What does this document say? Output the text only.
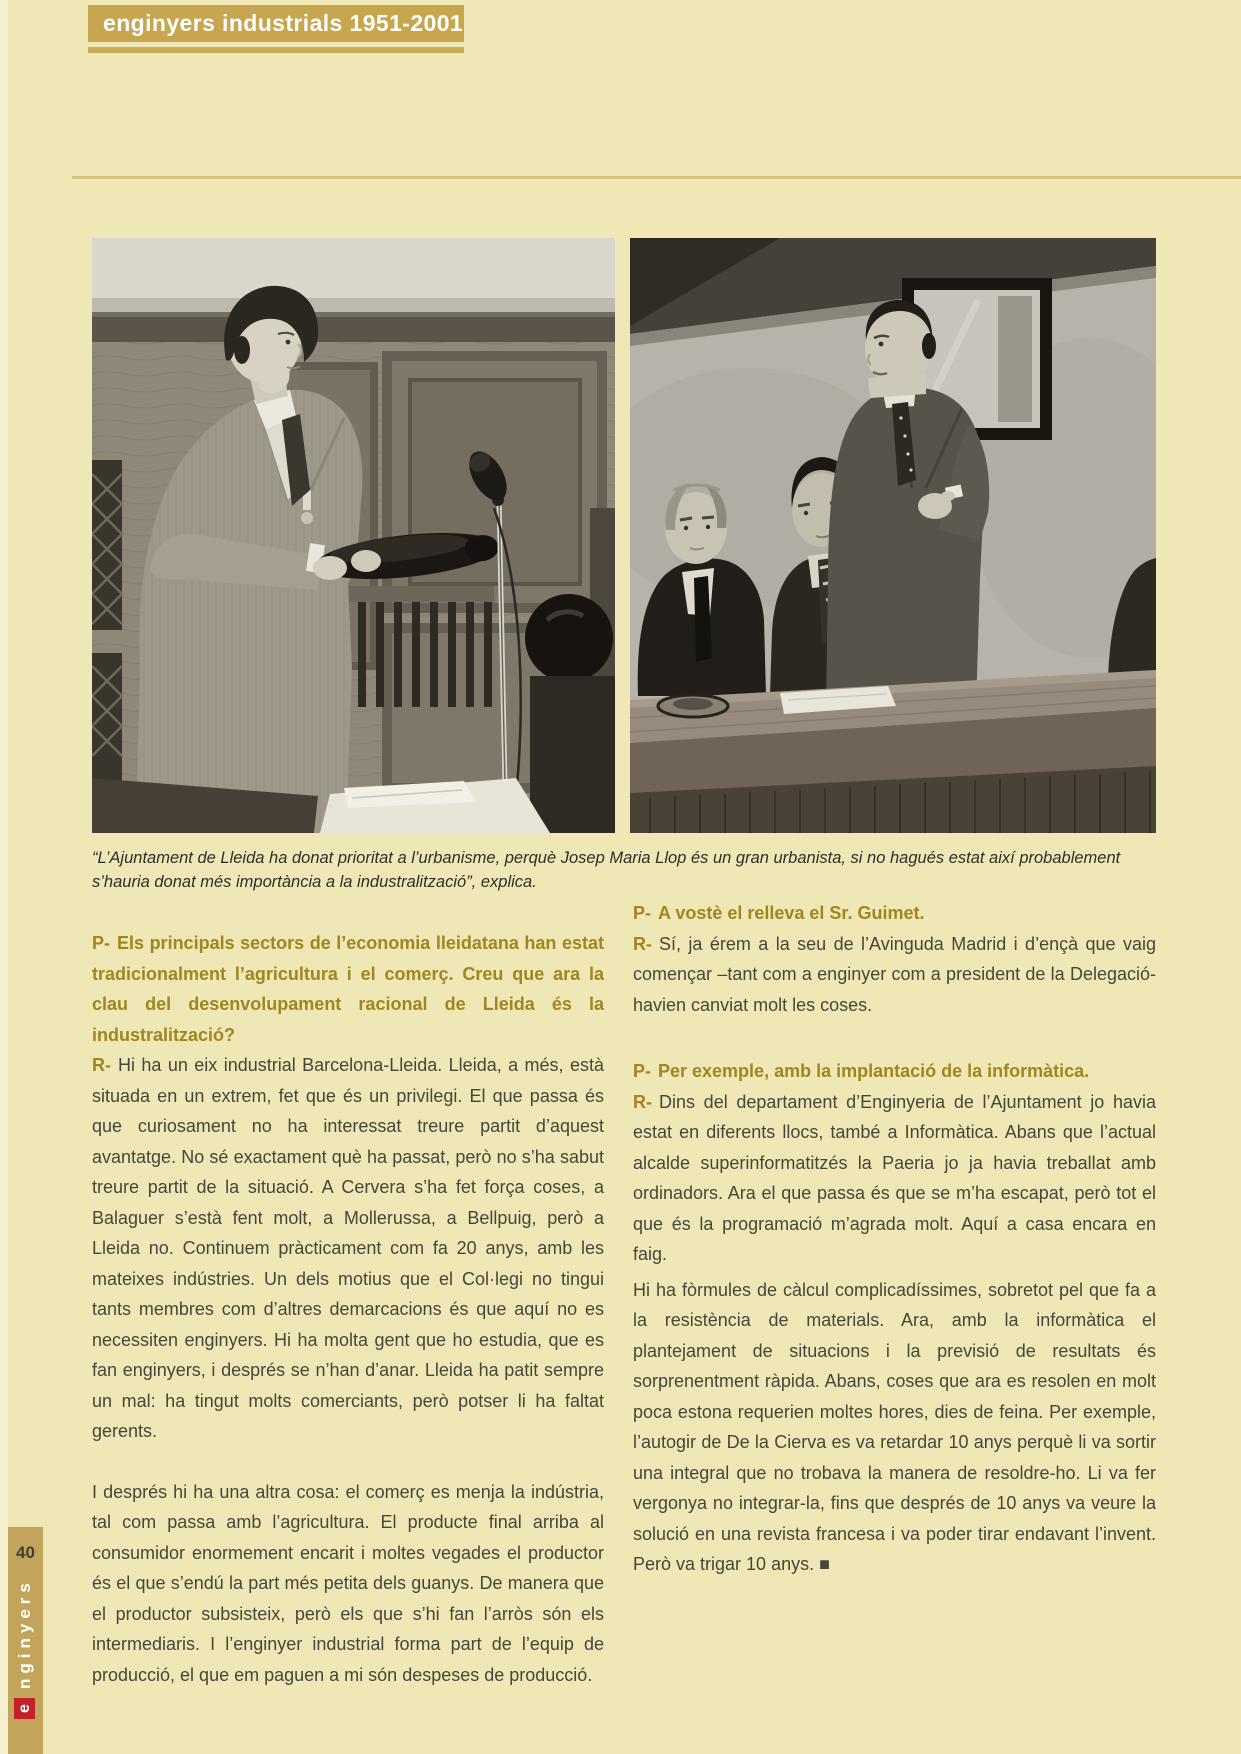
enginyers industrials 1951-2001

“L’Ajuntament de Lleida ha donat prioritat a l’urbanisme, perquè Josep Maria Llop és un gran urbanista, si no hagués estat així probablement s’hauria donat més importància a la industralització”, explica.

P- Els principals sectors de l’economia lleidatana han estat tradicionalment l’agricultura i el comerç. Creu que ara la clau del desenvolupament racional de Lleida és la industralització?

R- Hi ha un eix industrial Barcelona-Lleida. Lleida, a més, està situada en un extrem, fet que és un privilegi. El que passa és que curiosament no ha interessat treure partit d’aquest avantatge. No sé exactament què ha passat, però no s’ha sabut treure partit de la situació. A Cervera s’ha fet força coses, a Balaguer s’està fent molt, a Mollerussa, a Bellpuig, però a Lleida no. Continuem pràcticament com fa 20 anys, amb les mateixes indústries. Un dels motius que el Col·legi no tingui tants membres com d’altres demarcacions és que aquí no es necessiten enginyers. Hi ha molta gent que ho estudia, que es fan enginyers, i després se n’han d’anar. Lleida ha patit sempre un mal: ha tingut molts comerciants, però potser li ha faltat gerents.

I després hi ha una altra cosa: el comerç es menja la indústria, tal com passa amb l’agricultura. El producte final arriba al consumidor enormement encarit i moltes vegades el productor és el que s’endú la part més petita dels guanys. De manera que el productor subsisteix, però els que s’hi fan l’arròs són els intermediaris. I l’enginyer industrial forma part de l’equip de producció, el que em paguen a mi són despeses de producció.

P- A vostè el relleva el Sr. Guimet.

R- Sí, ja érem a la seu de l’Avinguda Madrid i d’ençà que vaig començar –tant com a enginyer com a president de la Delegació- havien canviat molt les coses.

P- Per exemple, amb la implantació de la informàtica.

R- Dins del departament d’Enginyeria de l’Ajuntament jo havia estat en diferents llocs, també a Informàtica. Abans que l’actual alcalde superinformatitzés la Paeria jo ja havia treballat amb ordinadors. Ara el que passa és que se m’ha escapat, però tot el que és la programació m’agrada molt. Aquí a casa encara en faig.

Hi ha fòrmules de càlcul complicadíssimes, sobretot pel que fa a la resistència de materials. Ara, amb la informàtica el plantejament de situacions i la previsió de resultats és sorprenentment ràpida. Abans, coses que ara es resolen en molt poca estona requerien moltes hores, dies de feina. Per exemple, l’autogir de De la Cierva es va retardar 10 anys perquè li va sortir una integral que no trobava la manera de resoldre-ho. Li va fer vergonya no integrar-la, fins que després de 10 anys va veure la solució en una revista francesa i va poder tirar endavant l’invent. Però va trigar 10 anys. ■

40
e
nginyers
